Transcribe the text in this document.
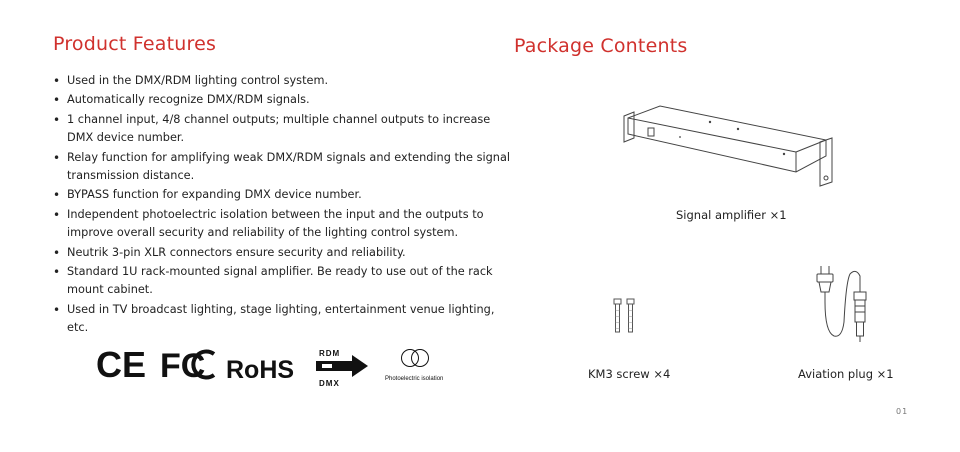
Product Features
• Used in the DMX/RDM lighting control system.
• Automatically recognize DMX/RDM signals.
• 1 channel input, 4/8 channel outputs; multiple channel outputs to increase DMX device number.
• Relay function for amplifying weak DMX/RDM signals and extending the signal transmission distance.
• BYPASS function for expanding DMX device number.
• Independent photoelectric isolation between the input and the outputs to improve overall security and reliability of the lighting control system.
• Neutrik 3-pin XLR connectors ensure security and reliability.
• Standard 1U rack-mounted signal amplifier. Be ready to use out of the rack mount cabinet.
• Used in TV broadcast lighting, stage lighting, entertainment venue lighting, etc.
CE FC RoHS
RDM
DMX	Photoelectric isolation
Package Contents
Signal amplifier ×1
KM3 screw ×4	Aviation plug ×1
01
